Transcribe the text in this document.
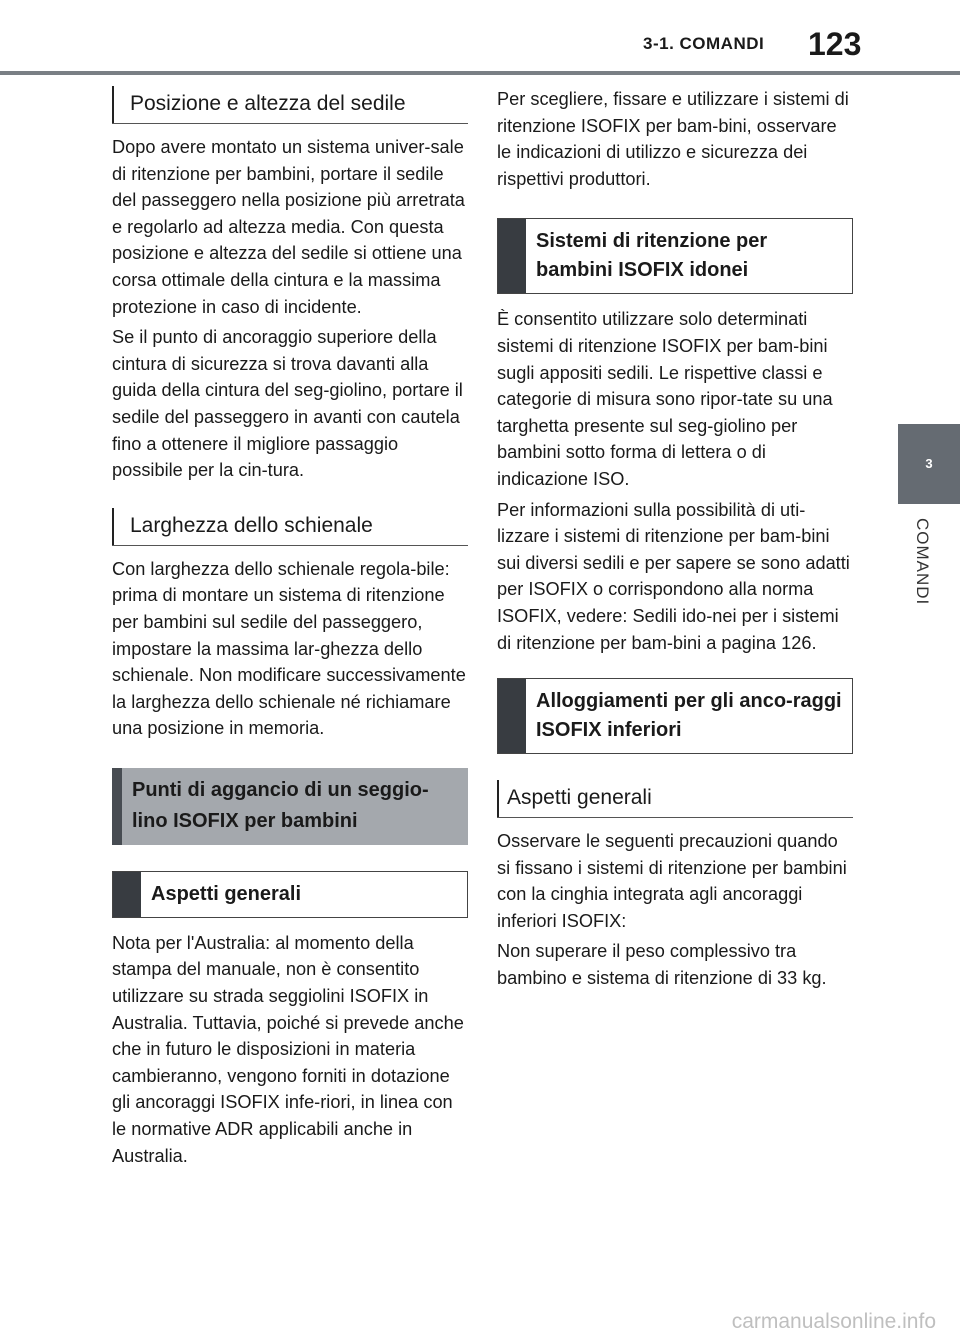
3-1. COMANDI 123
3
COMANDI
Posizione e altezza del sedile

Dopo avere montato un sistema univer-sale di ritenzione per bambini, portare il sedile del passeggero nella posizione più arretrata e regolarlo ad altezza media. Con questa posizione e altezza del sedile si ottiene una corsa ottimale della cintura e la massima protezione in caso di incidente.

Se il punto di ancoraggio superiore della cintura di sicurezza si trova davanti alla guida della cintura del seg-giolino, portare il sedile del passeggero in avanti con cautela fino a ottenere il migliore passaggio possibile per la cin-tura.

Larghezza dello schienale

Con larghezza dello schienale regola-bile: prima di montare un sistema di ritenzione per bambini sul sedile del passeggero, impostare la massima lar-ghezza dello schienale. Non modificare successivamente la larghezza dello schienale né richiamare una posizione in memoria.

Punti di aggancio di un seggio-lino ISOFIX per bambini
Aspetti generali

Nota per l'Australia: al momento della stampa del manuale, non è consentito utilizzare su strada seggiolini ISOFIX in Australia. Tuttavia, poiché si prevede anche che in futuro le disposizioni in materia cambieranno, vengono forniti in dotazione gli ancoraggi ISOFIX infe-riori, in linea con le normative ADR applicabili anche in Australia.

Per scegliere, fissare e utilizzare i sistemi di ritenzione ISOFIX per bam-bini, osservare le indicazioni di utilizzo e sicurezza dei rispettivi produttori.

Sistemi di ritenzione per bambini ISOFIX idonei

È consentito utilizzare solo determinati sistemi di ritenzione ISOFIX per bam-bini sugli appositi sedili. Le rispettive classi e categorie di misura sono ripor-tate su una targhetta presente sul seg-giolino per bambini sotto forma di lettera o di indicazione ISO.

Per informazioni sulla possibilità di uti-lizzare i sistemi di ritenzione per bam-bini sui diversi sedili e per sapere se sono adatti per ISOFIX o corrispondono alla norma ISOFIX, vedere: Sedili ido-nei per i sistemi di ritenzione per bam-bini a pagina 126.

Alloggiamenti per gli anco-raggi ISOFIX inferiori
Aspetti generali

Osservare le seguenti precauzioni quando si fissano i sistemi di ritenzione per bambini con la cinghia integrata agli ancoraggi inferiori ISOFIX:

Non superare il peso complessivo tra bambino e sistema di ritenzione di 33 kg.

carmanualsonline.info
